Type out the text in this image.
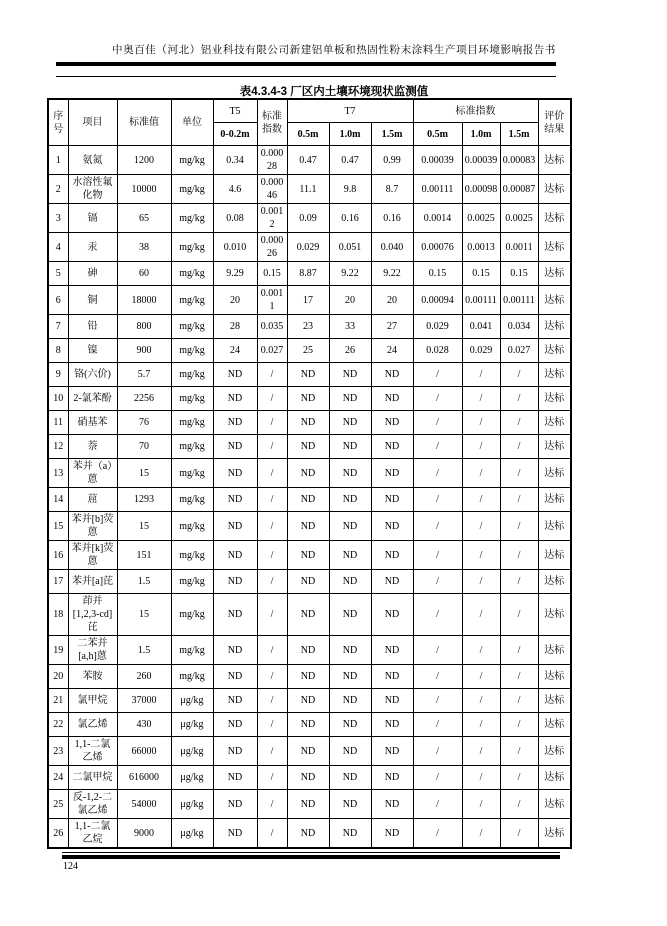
中奥百佳（河北）铝业科技有限公司新建铝单板和热固性粉末涂料生产项目环境影响报告书
表4.3.4-3 厂区内土壤环境现状监测值
序号	项目	标准值	单位	T5	标准指数	T7			标准指数			评价结果
				0-0.2m		0.5m	1.0m	1.5m	0.5m	1.0m	1.5m	
1	氨氮	1200	mg/kg	0.34	0.00028	0.47	0.47	0.99	0.00039	0.00039	0.00083	达标
2	水溶性氟化物	10000	mg/kg	4.6	0.00046	11.1	9.8	8.7	0.00111	0.00098	0.00087	达标
3	镉	65	mg/kg	0.08	0.0012	0.09	0.16	0.16	0.0014	0.0025	0.0025	达标
4	汞	38	mg/kg	0.010	0.00026	0.029	0.051	0.040	0.00076	0.0013	0.0011	达标
5	砷	60	mg/kg	9.29	0.15	8.87	9.22	9.22	0.15	0.15	0.15	达标
6	铜	18000	mg/kg	20	0.0011	17	20	20	0.00094	0.00111	0.00111	达标
7	铅	800	mg/kg	28	0.035	23	33	27	0.029	0.041	0.034	达标
8	镍	900	mg/kg	24	0.027	25	26	24	0.028	0.029	0.027	达标
9	铬(六价)	5.7	mg/kg	ND	/	ND	ND	ND	/	/	/	达标
10	2-氯苯酚	2256	mg/kg	ND	/	ND	ND	ND	/	/	/	达标
11	硝基苯	76	mg/kg	ND	/	ND	ND	ND	/	/	/	达标
12	萘	70	mg/kg	ND	/	ND	ND	ND	/	/	/	达标
13	苯并（a）蒽	15	mg/kg	ND	/	ND	ND	ND	/	/	/	达标
14	䓛	1293	mg/kg	ND	/	ND	ND	ND	/	/	/	达标
15	苯并[b]荧蒽	15	mg/kg	ND	/	ND	ND	ND	/	/	/	达标
16	苯并[k]荧蒽	151	mg/kg	ND	/	ND	ND	ND	/	/	/	达标
17	苯并[a]芘	1.5	mg/kg	ND	/	ND	ND	ND	/	/	/	达标
18	茚并[1,2,3-cd]芘	15	mg/kg	ND	/	ND	ND	ND	/	/	/	达标
19	二苯并[a,h]蒽	1.5	mg/kg	ND	/	ND	ND	ND	/	/	/	达标
20	苯胺	260	mg/kg	ND	/	ND	ND	ND	/	/	/	达标
21	氯甲烷	37000	μg/kg	ND	/	ND	ND	ND	/	/	/	达标
22	氯乙烯	430	μg/kg	ND	/	ND	ND	ND	/	/	/	达标
23	1,1-二氯乙烯	66000	μg/kg	ND	/	ND	ND	ND	/	/	/	达标
24	二氯甲烷	616000	μg/kg	ND	/	ND	ND	ND	/	/	/	达标
25	反-1,2-二氯乙烯	54000	μg/kg	ND	/	ND	ND	ND	/	/	/	达标
26	1,1-二氯乙烷	9000	μg/kg	ND	/	ND	ND	ND	/	/	/	达标
124
